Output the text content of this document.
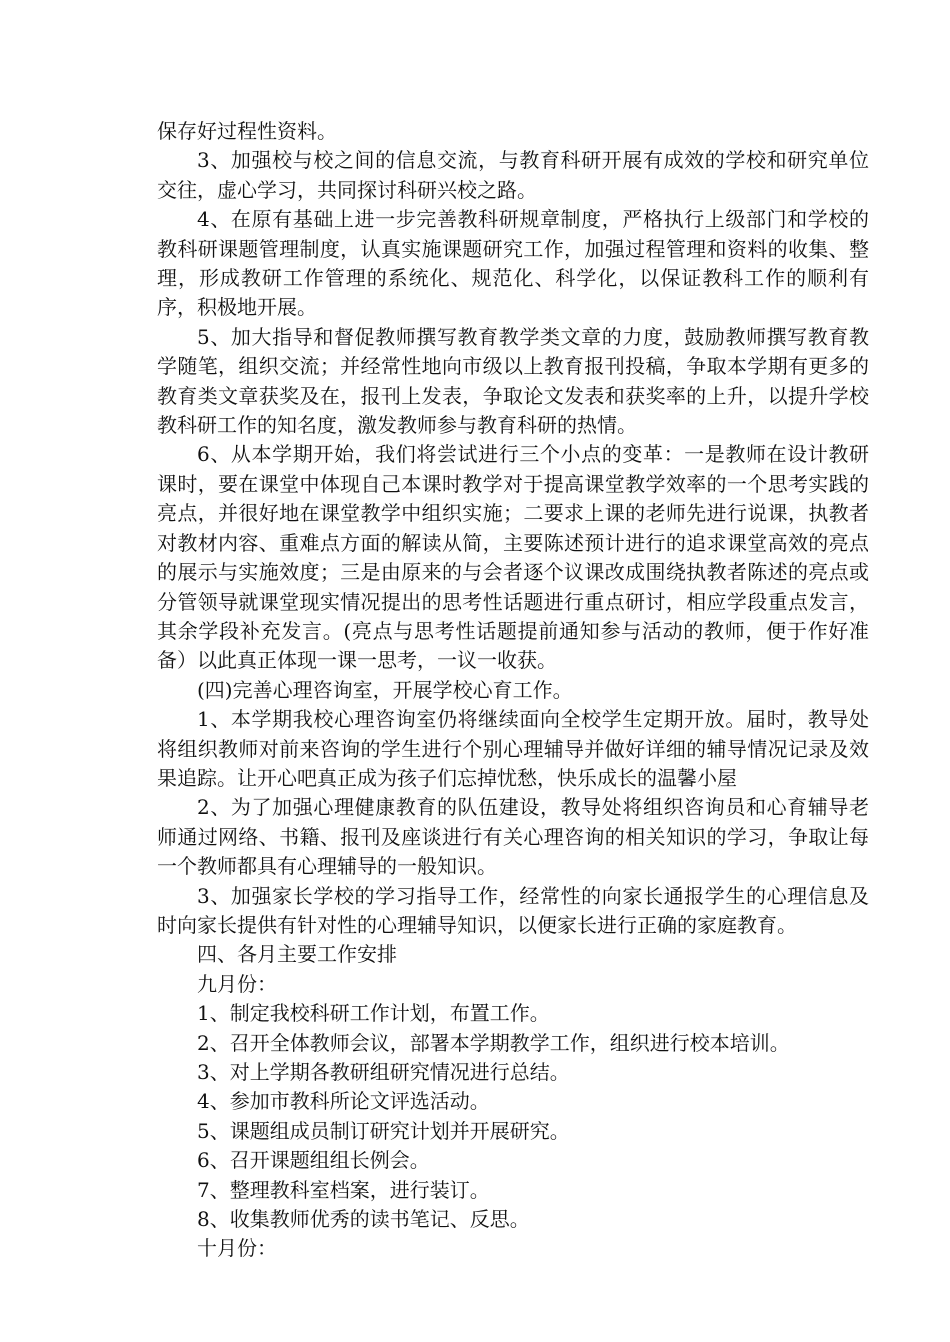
保存好过程性资料。

3、加强校与校之间的信息交流，与教育科研开展有成效的学校和研究单位交往，虚心学习，共同探讨科研兴校之路。

4、在原有基础上进一步完善教科研规章制度，严格执行上级部门和学校的教科研课题管理制度，认真实施课题研究工作，加强过程管理和资料的收集、整理，形成教研工作管理的系统化、规范化、科学化，以保证教科工作的顺利有序，积极地开展。

5、加大指导和督促教师撰写教育教学类文章的力度，鼓励教师撰写教育教学随笔，组织交流；并经常性地向市级以上教育报刊投稿，争取本学期有更多的教育类文章获奖及在，报刊上发表，争取论文发表和获奖率的上升，以提升学校教科研工作的知名度，激发教师参与教育科研的热情。

6、从本学期开始，我们将尝试进行三个小点的变革：一是教师在设计教研课时，要在课堂中体现自己本课时教学对于提高课堂教学效率的一个思考实践的亮点，并很好地在课堂教学中组织实施；二要求上课的老师先进行说课，执教者对教材内容、重难点方面的解读从简，主要陈述预计进行的追求课堂高效的亮点的展示与实施效度；三是由原来的与会者逐个议课改成围绕执教者陈述的亮点或分管领导就课堂现实情况提出的思考性话题进行重点研讨，相应学段重点发言，其余学段补充发言。(亮点与思考性话题提前通知参与活动的教师，便于作好准备）以此真正体现一课一思考，一议一收获。

(四)完善心理咨询室，开展学校心育工作。

1、本学期我校心理咨询室仍将继续面向全校学生定期开放。届时，教导处将组织教师对前来咨询的学生进行个别心理辅导并做好详细的辅导情况记录及效果追踪。让开心吧真正成为孩子们忘掉忧愁，快乐成长的温馨小屋

2、为了加强心理健康教育的队伍建设，教导处将组织咨询员和心育辅导老师通过网络、书籍、报刊及座谈进行有关心理咨询的相关知识的学习，争取让每一个教师都具有心理辅导的一般知识。

3、加强家长学校的学习指导工作，经常性的向家长通报学生的心理信息及时向家长提供有针对性的心理辅导知识，以便家长进行正确的家庭教育。

四、各月主要工作安排

九月份：

1、制定我校科研工作计划，布置工作。

2、召开全体教师会议，部署本学期教学工作，组织进行校本培训。

3、对上学期各教研组研究情况进行总结。

4、参加市教科所论文评选活动。

5、课题组成员制订研究计划并开展研究。

6、召开课题组组长例会。

7、整理教科室档案，进行装订。

8、收集教师优秀的读书笔记、反思。

十月份：
